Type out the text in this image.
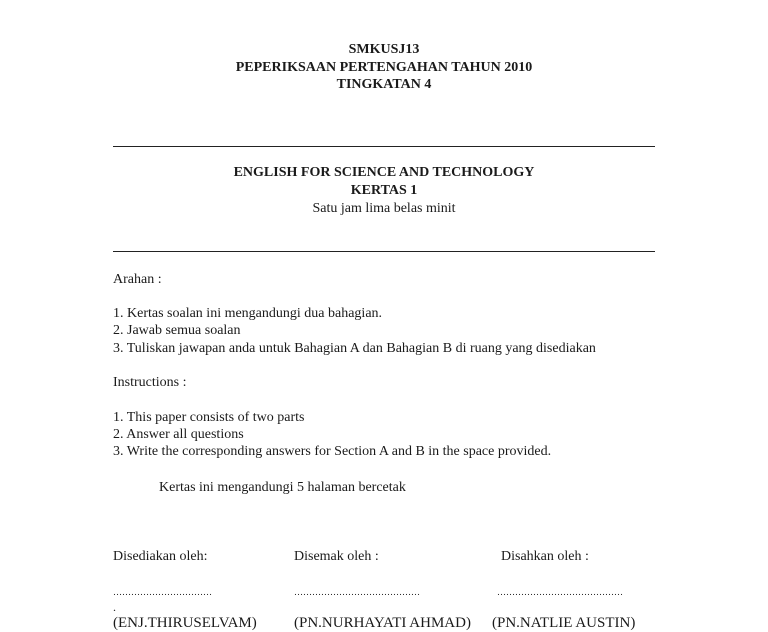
SMKUSJ13
PEPERIKSAAN PERTENGAHAN TAHUN 2010
TINGKATAN 4
ENGLISH FOR SCIENCE AND TECHNOLOGY
KERTAS 1
Satu jam lima belas minit
Arahan :
1. Kertas soalan ini mengandungi dua bahagian.
2. Jawab semua soalan
3. Tuliskan jawapan anda untuk Bahagian A dan Bahagian B di ruang yang disediakan
Instructions :
1. This paper consists of two parts
2. Answer all questions
3. Write the corresponding answers for Section A and B in the space provided.
Kertas ini mengandungi 5 halaman bercetak
Disediakan oleh:	Disemak oleh :	Disahkan oleh :
……………………………	……………………………………	……………………………………
.
(ENJ.THIRUSELVAM) (PN.NURHAYATI AHMAD) (PN.NATLIE AUSTIN)
